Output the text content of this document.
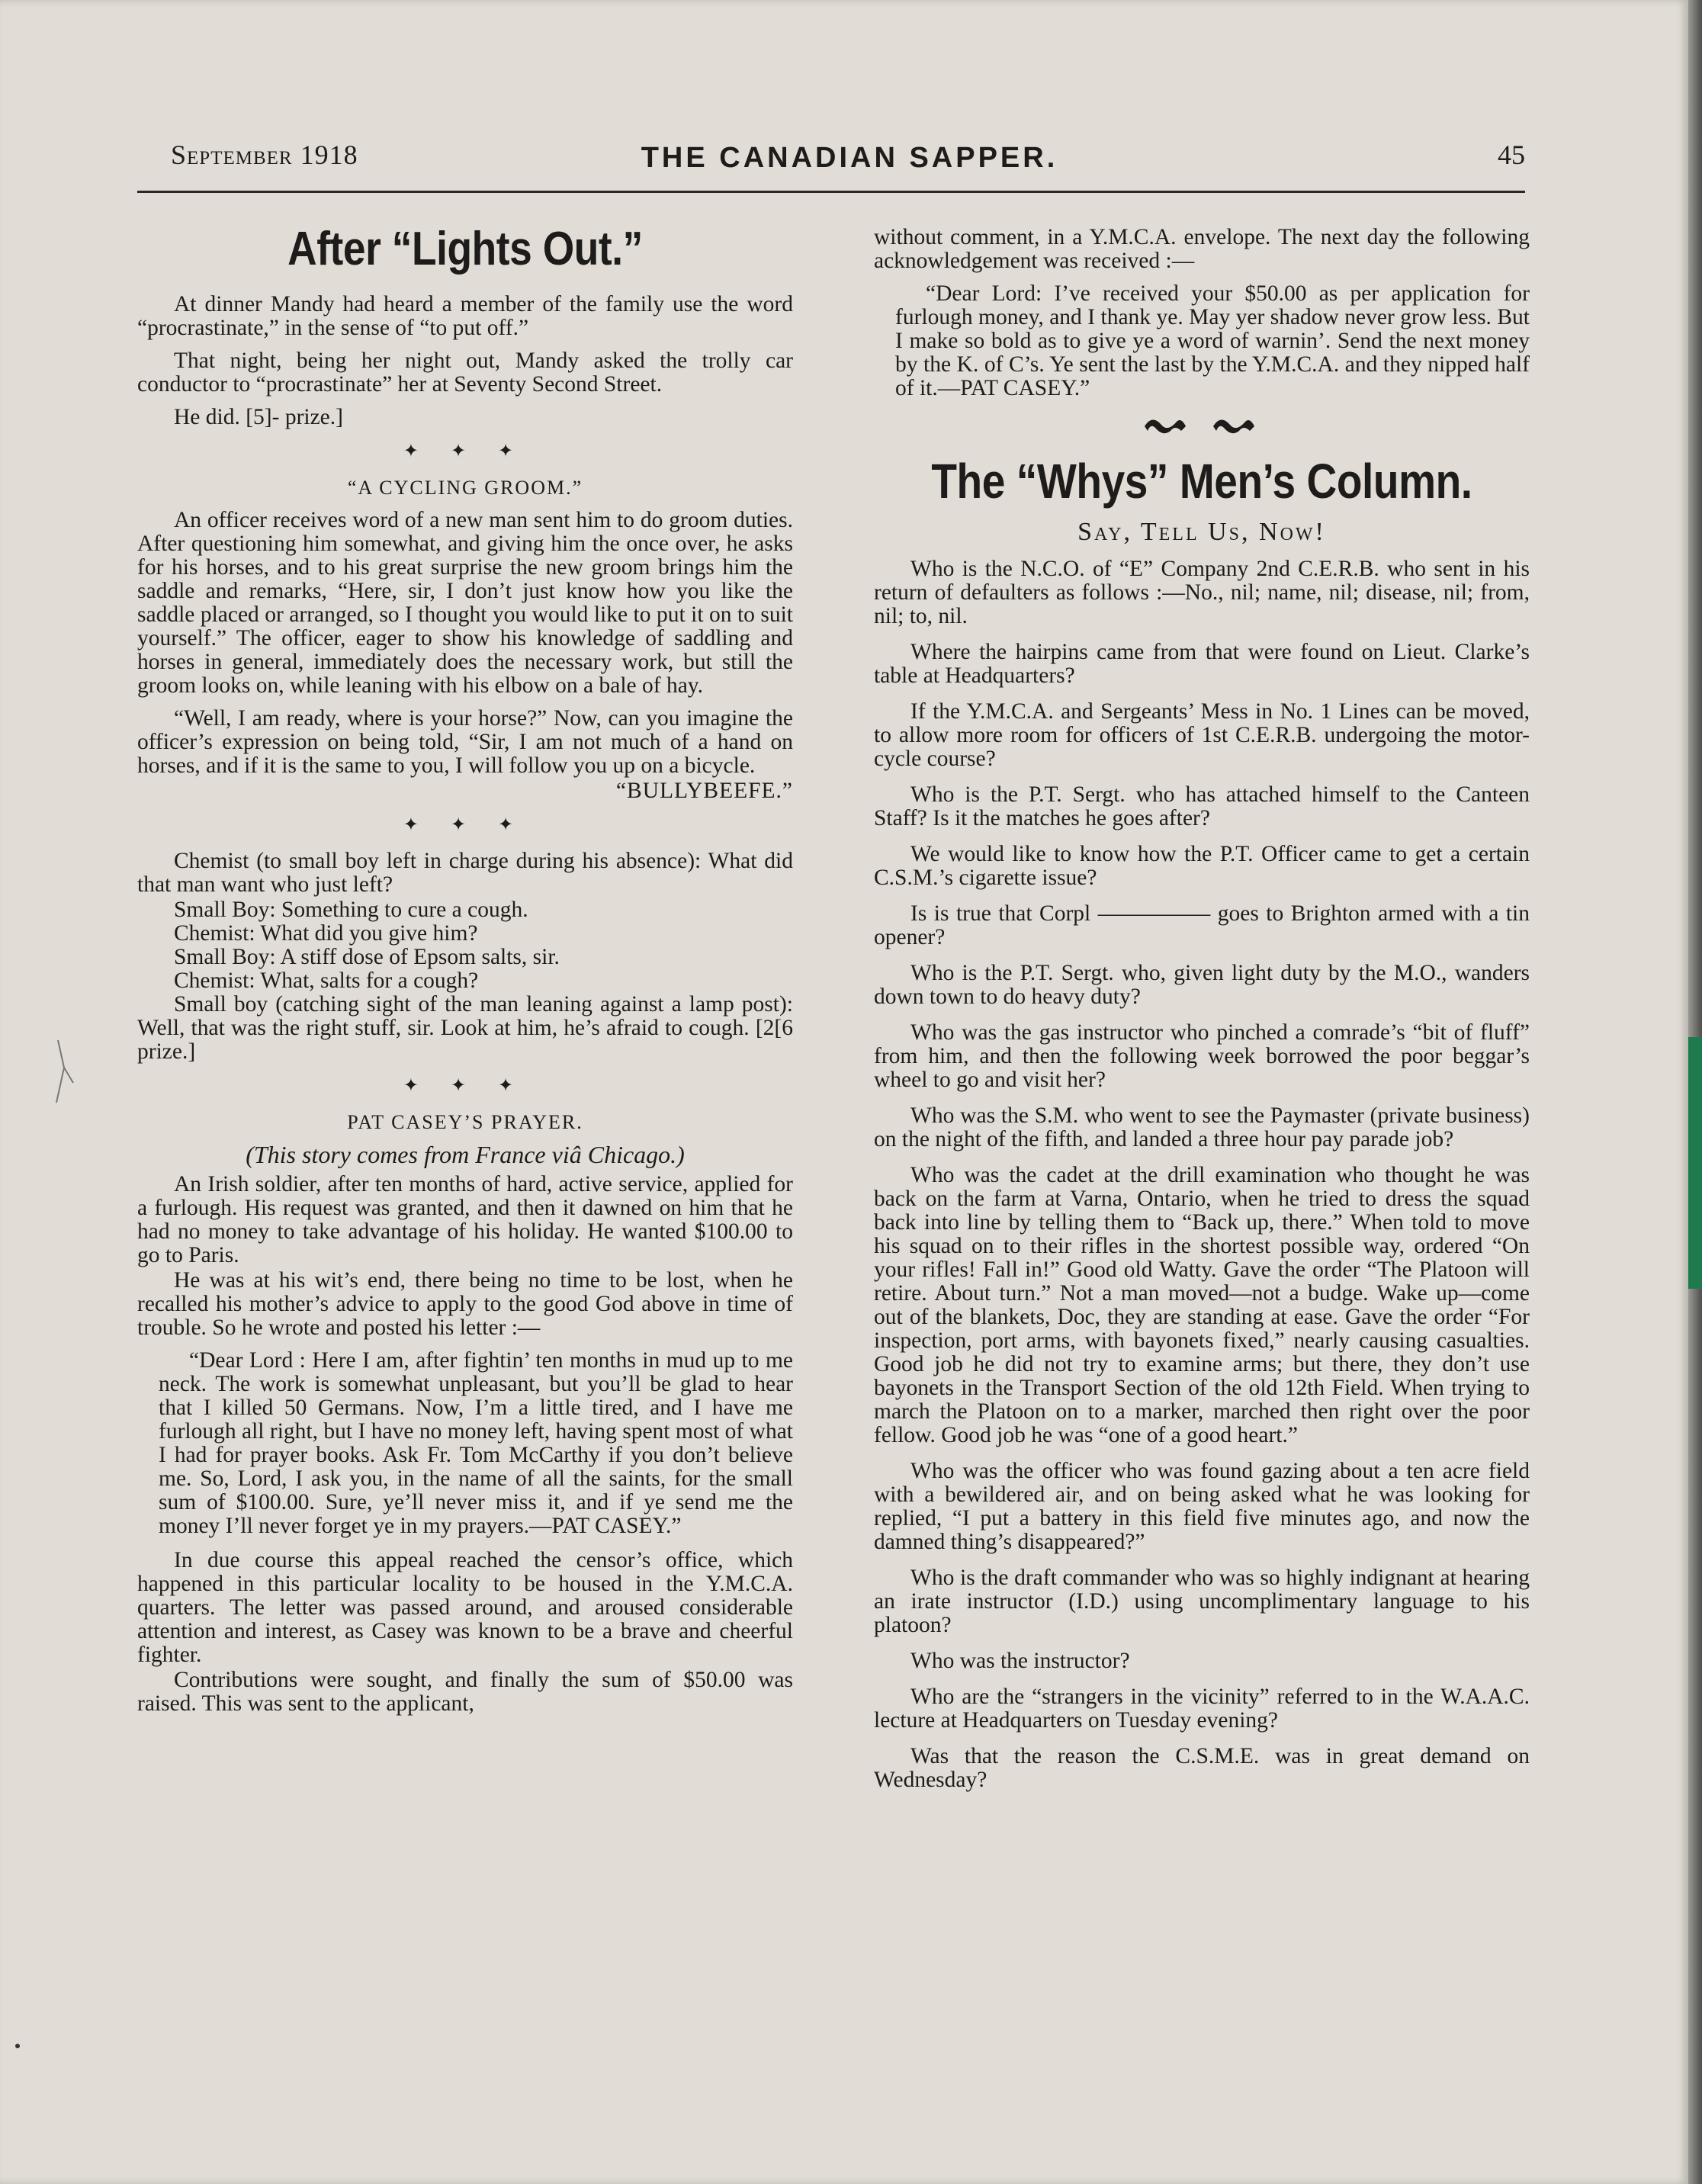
September 1918	THE CANADIAN SAPPER.	45
After “Lights Out.”

At dinner Mandy had heard a member of the family use the word “procrastinate,” in the sense of “to put off.”

That night, being her night out, Mandy asked the trolly car conductor to “procrastinate” her at Seventy Second Street.

He did. [5]- prize.]

✦ ✦ ✦
“A CYCLING GROOM.”

An officer receives word of a new man sent him to do groom duties. After questioning him somewhat, and giving him the once over, he asks for his horses, and to his great surprise the new groom brings him the saddle and remarks, “Here, sir, I don’t just know how you like the saddle placed or arranged, so I thought you would like to put it on to suit yourself.” The officer, eager to show his knowledge of saddling and horses in general, immediately does the necessary work, but still the groom looks on, while leaning with his elbow on a bale of hay.

“Well, I am ready, where is your horse?” Now, can you imagine the officer’s expression on being told, “Sir, I am not much of a hand on horses, and if it is the same to you, I will follow you up on a bicycle.

“BULLYBEEFE.”
✦ ✦ ✦

Chemist (to small boy left in charge during his absence): What did that man want who just left?

Small Boy: Something to cure a cough.

Chemist: What did you give him?

Small Boy: A stiff dose of Epsom salts, sir.

Chemist: What, salts for a cough?

Small boy (catching sight of the man leaning against a lamp post): Well, that was the right stuff, sir. Look at him, he’s afraid to cough. [2[6 prize.]

✦ ✦ ✦
PAT CASEY’S PRAYER.
(This story comes from France viâ Chicago.)

An Irish soldier, after ten months of hard, active service, applied for a furlough. His request was granted, and then it dawned on him that he had no money to take advantage of his holiday. He wanted $100.00 to go to Paris.

He was at his wit’s end, there being no time to be lost, when he recalled his mother’s advice to apply to the good God above in time of trouble. So he wrote and posted his letter :—

“Dear Lord : Here I am, after fightin’ ten months in mud up to me neck. The work is somewhat unpleasant, but you’ll be glad to hear that I killed 50 Germans. Now, I’m a little tired, and I have me furlough all right, but I have no money left, having spent most of what I had for prayer books. Ask Fr. Tom McCarthy if you don’t believe me. So, Lord, I ask you, in the name of all the saints, for the small sum of $100.00. Sure, ye’ll never miss it, and if ye send me the money I’ll never forget ye in my prayers.—PAT CASEY.”

In due course this appeal reached the censor’s office, which happened in this particular locality to be housed in the Y.M.C.A. quarters. The letter was passed around, and aroused considerable attention and interest, as Casey was known to be a brave and cheerful fighter.

Contributions were sought, and finally the sum of $50.00 was raised. This was sent to the applicant,

without comment, in a Y.M.C.A. envelope. The next day the following acknowledgement was received :—

“Dear Lord: I’ve received your $50.00 as per application for furlough money, and I thank ye. May yer shadow never grow less. But I make so bold as to give ye a word of warnin’. Send the next money by the K. of C’s. Ye sent the last by the Y.M.C.A. and they nipped half of it.—PAT CASEY.”

The “Whys” Men’s Column.
Say, Tell Us, Now!

Who is the N.C.O. of “E” Company 2nd C.E.R.B. who sent in his return of defaulters as follows :—No., nil; name, nil; disease, nil; from, nil; to, nil.

Where the hairpins came from that were found on Lieut. Clarke’s table at Headquarters?

If the Y.M.C.A. and Sergeants’ Mess in No. 1 Lines can be moved, to allow more room for officers of 1st C.E.R.B. undergoing the motor-cycle course?

Who is the P.T. Sergt. who has attached himself to the Canteen Staff? Is it the matches he goes after?

We would like to know how the P.T. Officer came to get a certain C.S.M.’s cigarette issue?

Is is true that Corpl ————— goes to Brighton armed with a tin opener?

Who is the P.T. Sergt. who, given light duty by the M.O., wanders down town to do heavy duty?

Who was the gas instructor who pinched a comrade’s “bit of fluff” from him, and then the following week borrowed the poor beggar’s wheel to go and visit her?

Who was the S.M. who went to see the Paymaster (private business) on the night of the fifth, and landed a three hour pay parade job?

Who was the cadet at the drill examination who thought he was back on the farm at Varna, Ontario, when he tried to dress the squad back into line by telling them to “Back up, there.” When told to move his squad on to their rifles in the shortest possible way, ordered “On your rifles! Fall in!” Good old Watty. Gave the order “The Platoon will retire. About turn.” Not a man moved—not a budge. Wake up—come out of the blankets, Doc, they are standing at ease. Gave the order “For inspection, port arms, with bayonets fixed,” nearly causing casualties. Good job he did not try to examine arms; but there, they don’t use bayonets in the Transport Section of the old 12th Field. When trying to march the Platoon on to a marker, marched then right over the poor fellow. Good job he was “one of a good heart.”

Who was the officer who was found gazing about a ten acre field with a bewildered air, and on being asked what he was looking for replied, “I put a battery in this field five minutes ago, and now the damned thing’s disappeared?”

Who is the draft commander who was so highly indignant at hearing an irate instructor (I.D.) using uncomplimentary language to his platoon?

Who was the instructor?

Who are the “strangers in the vicinity” referred to in the W.A.A.C. lecture at Headquarters on Tuesday evening?

Was that the reason the C.S.M.E. was in great demand on Wednesday?
